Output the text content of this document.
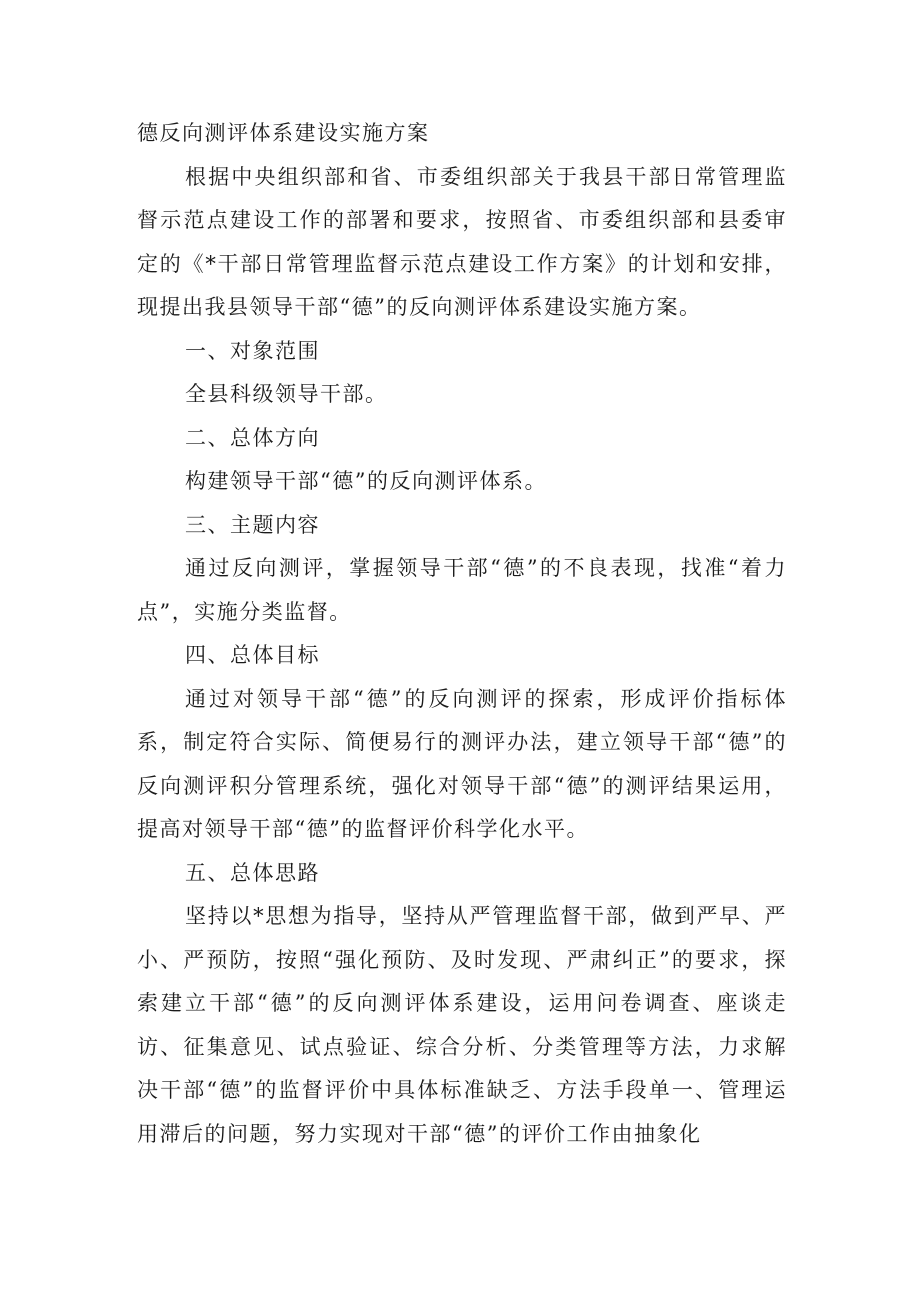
德反向测评体系建设实施方案

根据中央组织部和省、市委组织部关于我县干部日常管理监督示范点建设工作的部署和要求，按照省、市委组织部和县委审定的《*干部日常管理监督示范点建设工作方案》的计划和安排，现提出我县领导干部“德”的反向测评体系建设实施方案。

一、对象范围

全县科级领导干部。

二、总体方向

构建领导干部“德”的反向测评体系。

三、主题内容

通过反向测评，掌握领导干部“德”的不良表现，找准“着力点”，实施分类监督。

四、总体目标

通过对领导干部“德”的反向测评的探索，形成评价指标体系，制定符合实际、简便易行的测评办法，建立领导干部“德”的反向测评积分管理系统，强化对领导干部“德”的测评结果运用，提高对领导干部“德”的监督评价科学化水平。

五、总体思路

坚持以*思想为指导，坚持从严管理监督干部，做到严早、严小、严预防，按照“强化预防、及时发现、严肃纠正”的要求，探索建立干部“德”的反向测评体系建设，运用问卷调查、座谈走访、征集意见、试点验证、综合分析、分类管理等方法，力求解决干部“德”的监督评价中具体标准缺乏、方法手段单一、管理运用滞后的问题，努力实现对干部“德”的评价工作由抽象化
